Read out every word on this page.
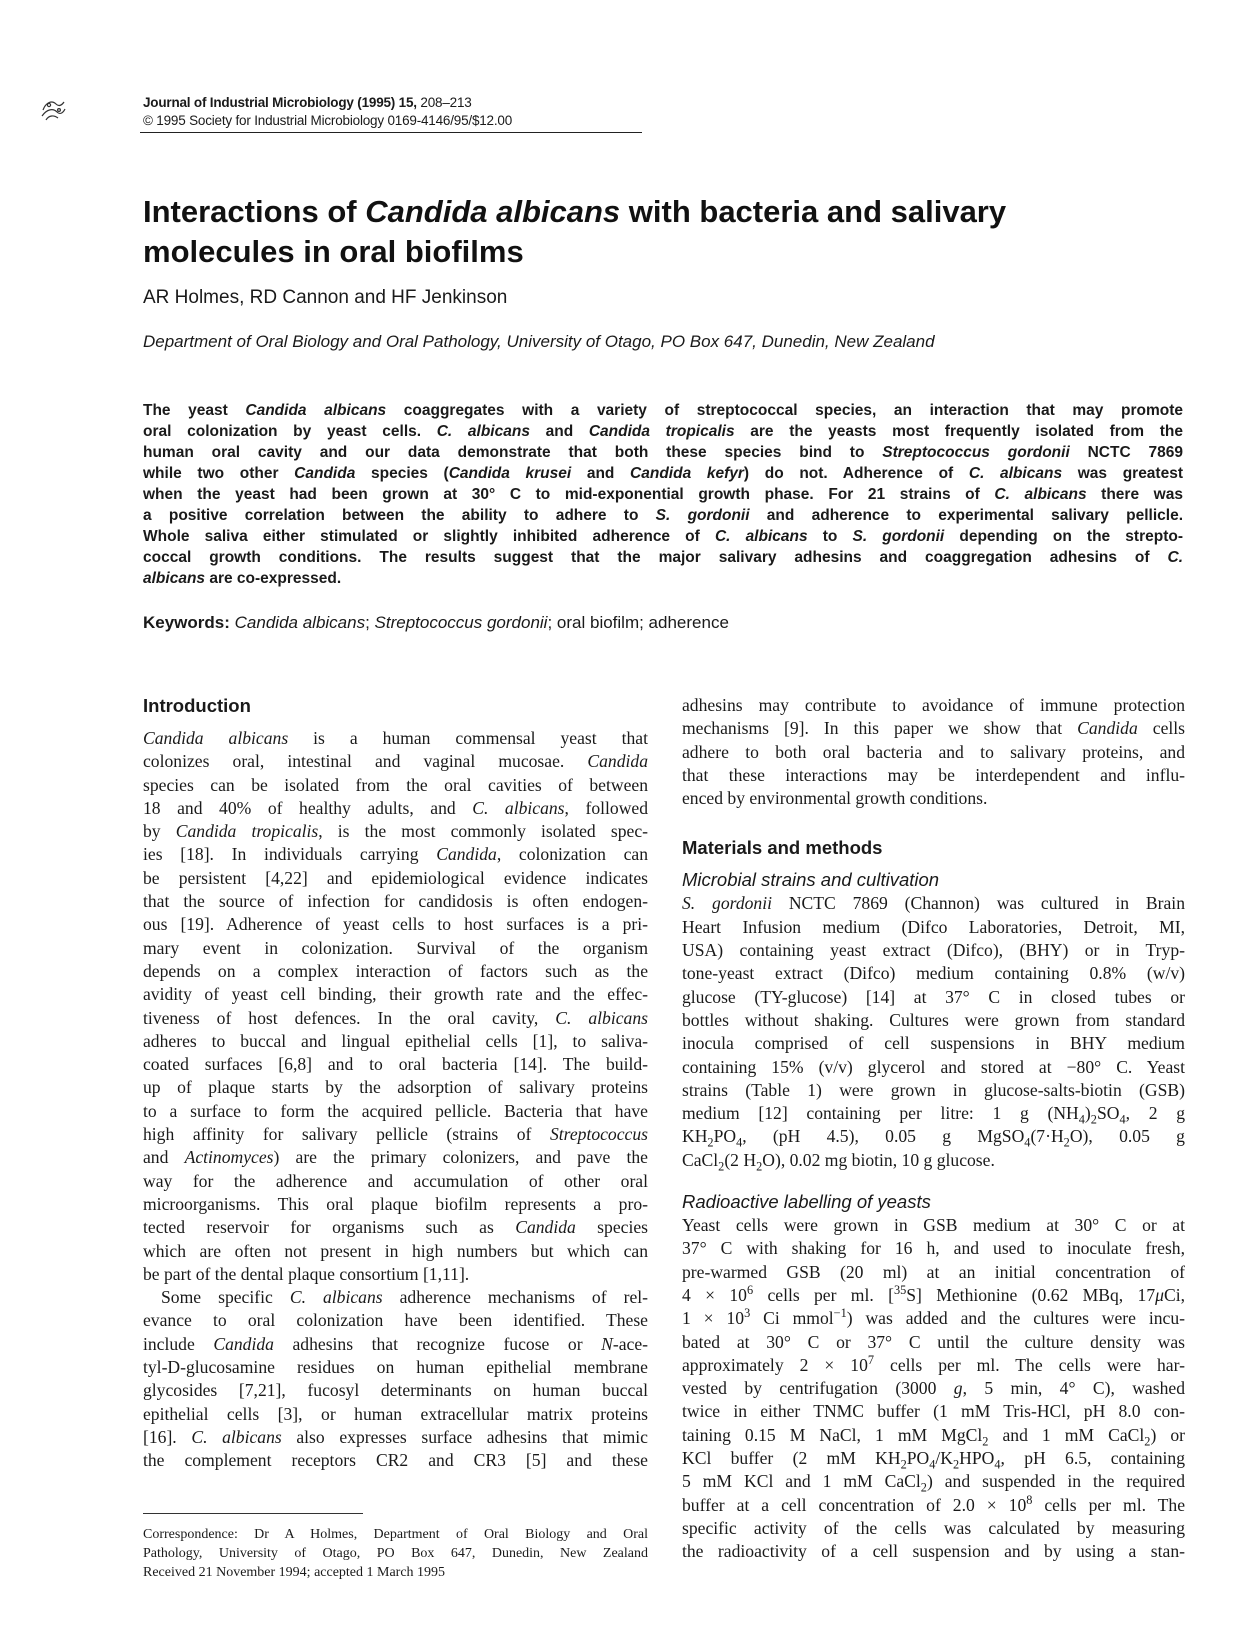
Journal of Industrial Microbiology (1995) 15, 208–213
© 1995 Society for Industrial Microbiology 0169-4146/95/$12.00
Interactions of Candida albicans with bacteria and salivary
molecules in oral biofilms
AR Holmes, RD Cannon and HF Jenkinson
Department of Oral Biology and Oral Pathology, University of Otago, PO Box 647, Dunedin, New Zealand
The yeast Candida albicans coaggregates with a variety of streptococcal species, an interaction that may promote
oral colonization by yeast cells. C. albicans and Candida tropicalis are the yeasts most frequently isolated from the
human oral cavity and our data demonstrate that both these species bind to Streptococcus gordonii NCTC 7869
while two other Candida species (Candida krusei and Candida kefyr) do not. Adherence of C. albicans was greatest
when the yeast had been grown at 30° C to mid-exponential growth phase. For 21 strains of C. albicans there was
a positive correlation between the ability to adhere to S. gordonii and adherence to experimental salivary pellicle.
Whole saliva either stimulated or slightly inhibited adherence of C. albicans to S. gordonii depending on the strepto-
coccal growth conditions. The results suggest that the major salivary adhesins and coaggregation adhesins of C.
albicans are co-expressed.
Keywords: Candida albicans; Streptococcus gordonii; oral biofilm; adherence
Introduction
Candida albicans is a human commensal yeast that
colonizes oral, intestinal and vaginal mucosae. Candida
species can be isolated from the oral cavities of between
18 and 40% of healthy adults, and C. albicans, followed
by Candida tropicalis, is the most commonly isolated spec-
ies [18]. In individuals carrying Candida, colonization can
be persistent [4,22] and epidemiological evidence indicates
that the source of infection for candidosis is often endogen-
ous [19]. Adherence of yeast cells to host surfaces is a pri-
mary event in colonization. Survival of the organism
depends on a complex interaction of factors such as the
avidity of yeast cell binding, their growth rate and the effec-
tiveness of host defences. In the oral cavity, C. albicans
adheres to buccal and lingual epithelial cells [1], to saliva-
coated surfaces [6,8] and to oral bacteria [14]. The build-
up of plaque starts by the adsorption of salivary proteins
to a surface to form the acquired pellicle. Bacteria that have
high affinity for salivary pellicle (strains of Streptococcus
and Actinomyces) are the primary colonizers, and pave the
way for the adherence and accumulation of other oral
microorganisms. This oral plaque biofilm represents a pro-
tected reservoir for organisms such as Candida species
which are often not present in high numbers but which can
be part of the dental plaque consortium [1,11].
Some specific C. albicans adherence mechanisms of rel-
evance to oral colonization have been identified. These
include Candida adhesins that recognize fucose or N-ace-
tyl-D-glucosamine residues on human epithelial membrane
glycosides [7,21], fucosyl determinants on human buccal
epithelial cells [3], or human extracellular matrix proteins
[16]. C. albicans also expresses surface adhesins that mimic
the complement receptors CR2 and CR3 [5] and these
Correspondence: Dr A Holmes, Department of Oral Biology and Oral
Pathology, University of Otago, PO Box 647, Dunedin, New Zealand
Received 21 November 1994; accepted 1 March 1995
adhesins may contribute to avoidance of immune protection
mechanisms [9]. In this paper we show that Candida cells
adhere to both oral bacteria and to salivary proteins, and
that these interactions may be interdependent and influ-
enced by environmental growth conditions.
Materials and methods
Microbial strains and cultivation
S. gordonii NCTC 7869 (Channon) was cultured in Brain
Heart Infusion medium (Difco Laboratories, Detroit, MI,
USA) containing yeast extract (Difco), (BHY) or in Tryp-
tone-yeast extract (Difco) medium containing 0.8% (w/v)
glucose (TY-glucose) [14] at 37° C in closed tubes or
bottles without shaking. Cultures were grown from standard
inocula comprised of cell suspensions in BHY medium
containing 15% (v/v) glycerol and stored at −80° C. Yeast
strains (Table 1) were grown in glucose-salts-biotin (GSB)
medium [12] containing per litre: 1 g $(NH_4)_2SO_4$, 2 g
$KH_2PO_4$, (pH 4.5), 0.05 g $MgSO_4(7\cdot H_2O)$, 0.05 g
CaCl$_2$(2 $H_2O$), 0.02 mg biotin, 10 g glucose.
Radioactive labelling of yeasts
Yeast cells were grown in GSB medium at 30° C or at
37° C with shaking for 16 h, and used to inoculate fresh,
pre-warmed GSB (20 ml) at an initial concentration of
$4 \times 10^6$ cells per ml. [$^{35}$S] Methionine (0.62 MBq, 17μCi,
$1 \times 10^3$ Ci mmol$^{-1}$) was added and the cultures were incu-
bated at 30° C or 37° C until the culture density was
approximately $2 \times 10^7$ cells per ml. The cells were har-
vested by centrifugation (3000 g, 5 min, 4° C), washed
twice in either TNMC buffer (1 mM Tris-HCl, pH 8.0 con-
taining 0.15 M NaCl, 1 mM MgCl$_2$ and 1 mM CaCl$_2$) or
KCl buffer (2 mM $KH_2PO_4/K_2HPO_4$, pH 6.5, containing
5 mM KCl and 1 mM CaCl$_2$) and suspended in the required
buffer at a cell concentration of $2.0 \times 10^8$ cells per ml. The
specific activity of the cells was calculated by measuring
the radioactivity of a cell suspension and by using a stan-
